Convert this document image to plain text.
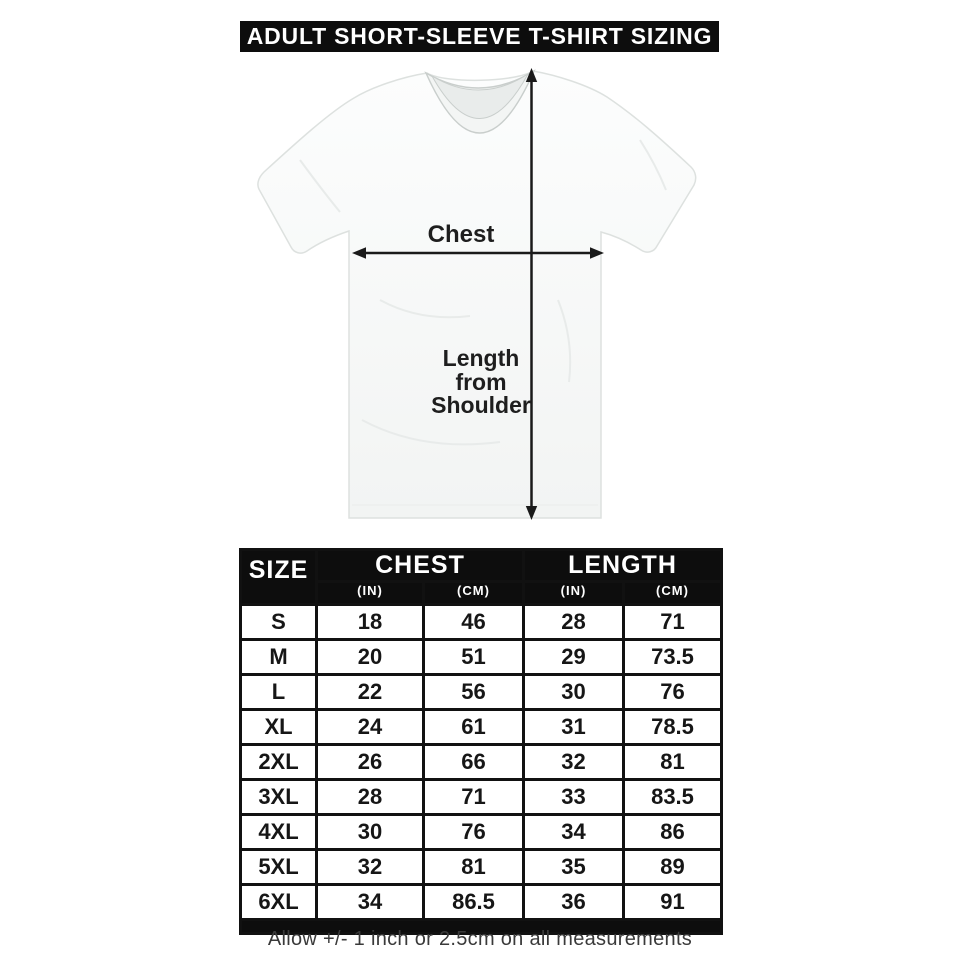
ADULT SHORT-SLEEVE T-SHIRT SIZING
Chest
Length
from
Shoulder
SIZE	CHEST		LENGTH	
	(IN)	(CM)	(IN)	(CM)
S	18	46	28	71
M	20	51	29	73.5
L	22	56	30	76
XL	24	61	31	78.5
2XL	26	66	32	81
3XL	28	71	33	83.5
4XL	30	76	34	86
5XL	32	81	35	89
6XL	34	86.5	36	91

Allow +/- 1 inch or 2.5cm on all measurements
